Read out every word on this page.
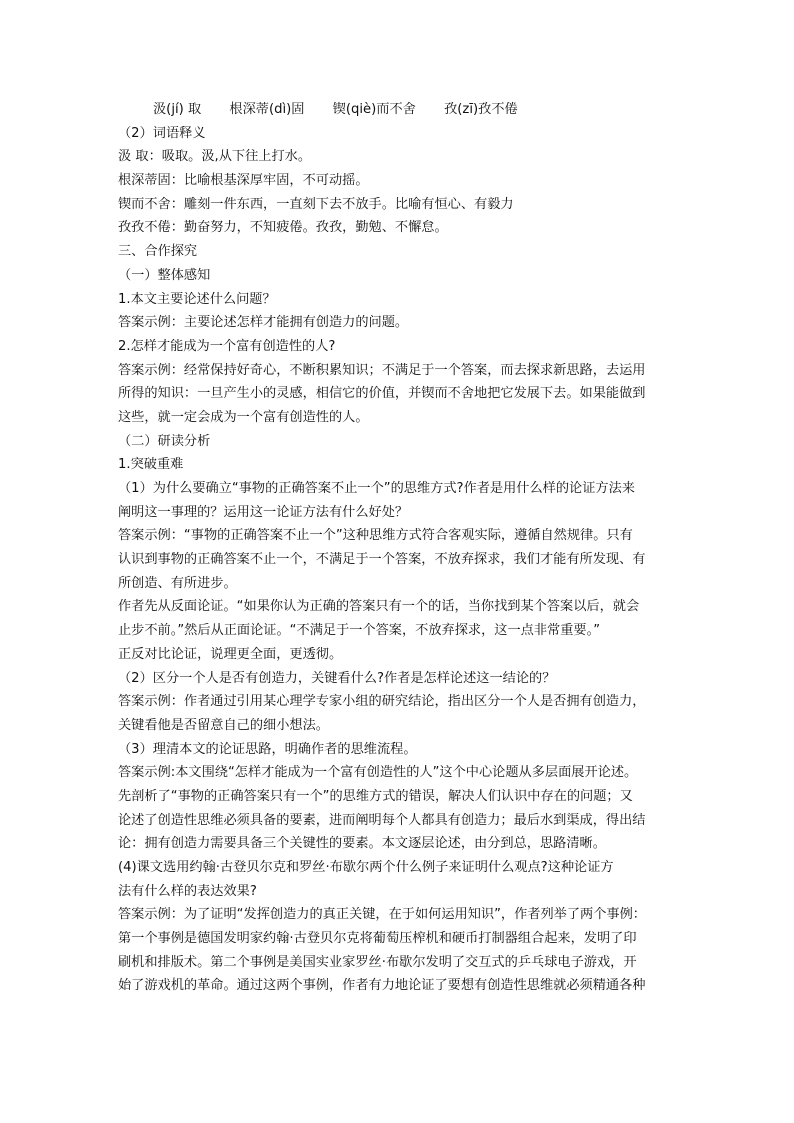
汲(jí) 取 根深蒂(dì)固 锲(qiè)而不舍 孜(zī)孜不倦
（2）词语释义
汲 取：吸取。汲,从下往上打水。
根深蒂固：比喻根基深厚牢固，不可动摇。
锲而不舍：雕刻一件东西，一直刻下去不放手。比喻有恒心、有毅力
孜孜不倦：勤奋努力，不知疲倦。孜孜，勤勉、不懈怠。
三、合作探究
（一）整体感知
1.本文主要论述什么问题？
答案示例：主要论述怎样才能拥有创造力的问题。
2.怎样才能成为一个富有创造性的人?
答案示例：经常保持好奇心，不断积累知识；不满足于一个答案，而去探求新思路，去运用
所得的知识：一旦产生小的灵感，相信它的价值，并锲而不舍地把它发展下去。如果能做到
这些，就一定会成为一个富有创造性的人。
（二）研读分析
1.突破重难
（1）为什么要确立“事物的正确答案不止一个”的思维方式?作者是用什么样的论证方法来
阐明这一事理的？运用这一论证方法有什么好处？
答案示例：“事物的正确答案不止一个”这种思维方式符合客观实际，遵循自然规律。只有
认识到事物的正确答案不止一个，不满足于一个答案，不放弃探求，我们才能有所发现、有
所创造、有所进步。
作者先从反面论证。“如果你认为正确的答案只有一个的话，当你找到某个答案以后，就会
止步不前。”然后从正面论证。“不满足于一个答案，不放弃探求，这一点非常重要。”
正反对比论证，说理更全面，更透彻。
（2）区分一个人是否有创造力，关键看什么?作者是怎样论述这一结论的？
答案示例：作者通过引用某心理学专家小组的研究结论，指出区分一个人是否拥有创造力，
关键看他是否留意自己的细小想法。
（3）理清本文的论证思路，明确作者的思维流程。
答案示例:本文围绕“怎样才能成为一个富有创造性的人”这个中心论题从多层面展开论述。
先剖析了“事物的正确答案只有一个”的思维方式的错误，解决人们认识中存在的问题；又
论述了创造性思维必须具备的要素，进而阐明每个人都具有创造力；最后水到渠成，得出结
论：拥有创造力需要具备三个关键性的要素。本文逐层论述，由分到总，思路清晰。
(4)课文选用约翰·古登贝尔克和罗丝·布歇尔两个什么例子来证明什么观点?这种论证方
法有什么样的表达效果?
答案示例：为了证明“发挥创造力的真正关键，在于如何运用知识”，作者列举了两个事例：
第一个事例是德国发明家约翰·古登贝尔克将葡萄压榨机和硬币打制器组合起来，发明了印
刷机和排版术。第二个事例是美国实业家罗丝·布歇尔发明了交互式的乒乓球电子游戏，开
始了游戏机的革命。通过这两个事例，作者有力地论证了要想有创造性思维就必须精通各种
